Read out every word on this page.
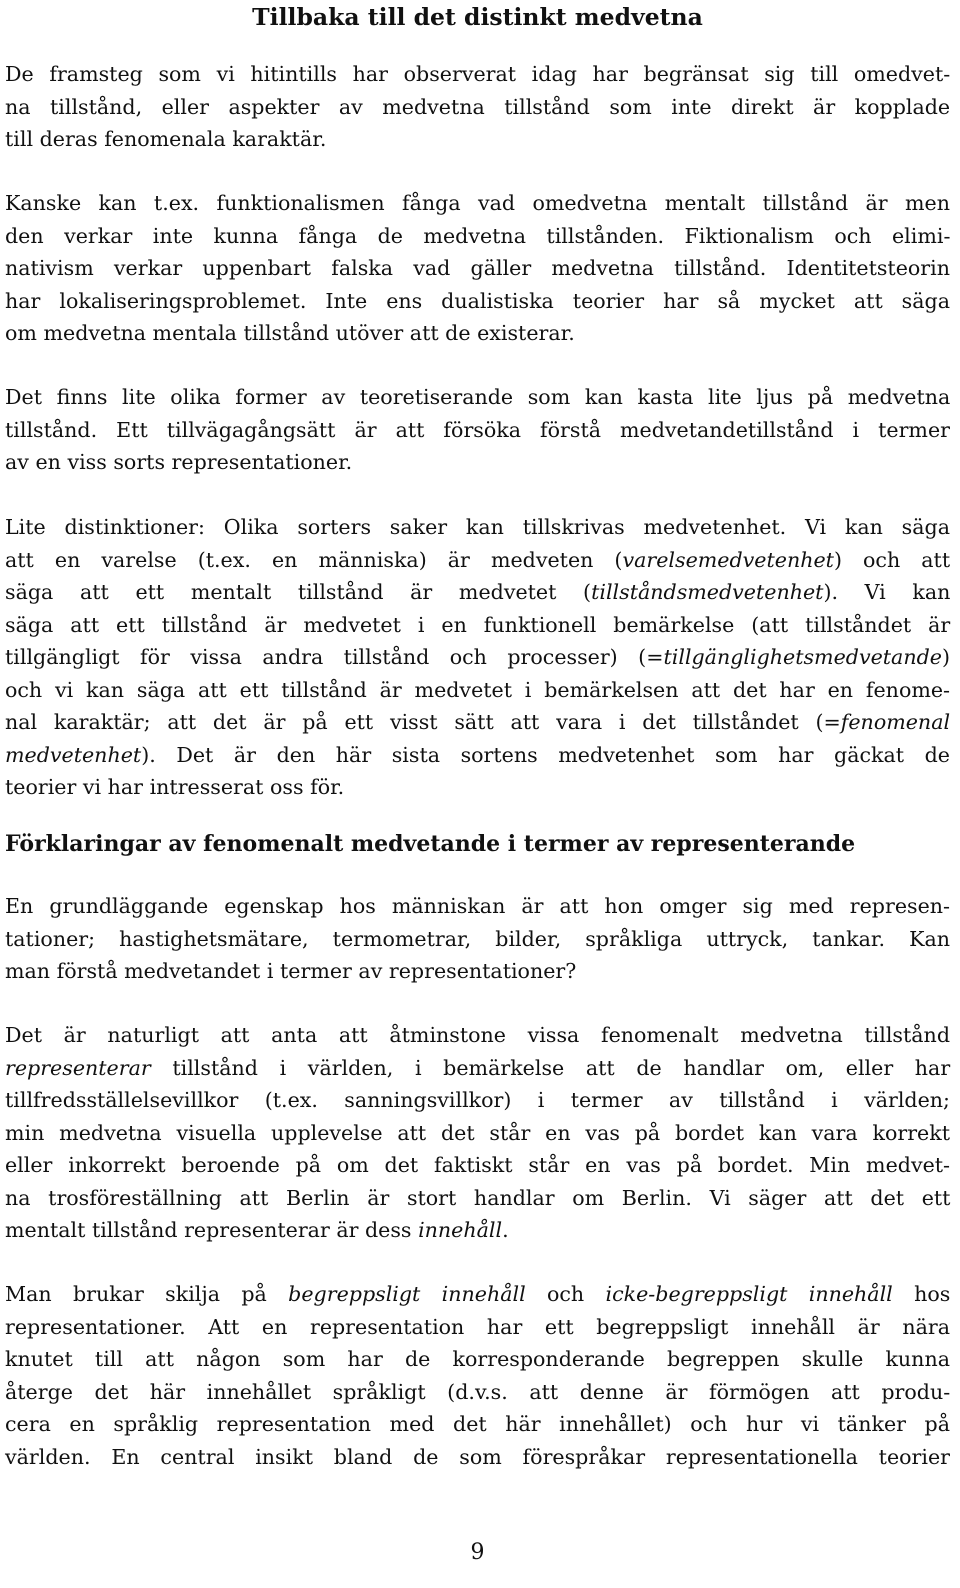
Tillbaka till det distinkt medvetna
De framsteg som vi hitintills har observerat idag har begränsat sig till omedvet-
na tillstånd, eller aspekter av medvetna tillstånd som inte direkt är kopplade
till deras fenomenala karaktär.
Kanske kan t.ex. funktionalismen fånga vad omedvetna mentalt tillstånd är men
den verkar inte kunna fånga de medvetna tillstånden. Fiktionalism och elimi-
nativism verkar uppenbart falska vad gäller medvetna tillstånd. Identitetsteorin
har lokaliseringsproblemet. Inte ens dualistiska teorier har så mycket att säga
om medvetna mentala tillstånd utöver att de existerar.
Det finns lite olika former av teoretiserande som kan kasta lite ljus på medvetna
tillstånd. Ett tillvägagångsätt är att försöka förstå medvetandetillstånd i termer
av en viss sorts representationer.
Lite distinktioner: Olika sorters saker kan tillskrivas medvetenhet. Vi kan säga
att en varelse (t.ex. en människa) är medveten (varelsemedvetenhet) och att
säga att ett mentalt tillstånd är medvetet (tillståndsmedvetenhet). Vi kan
säga att ett tillstånd är medvetet i en funktionell bemärkelse (att tillståndet är
tillgängligt för vissa andra tillstånd och processer) (=tillgänglighetsmedvetande)
och vi kan säga att ett tillstånd är medvetet i bemärkelsen att det har en fenome-
nal karaktär; att det är på ett visst sätt att vara i det tillståndet (=fenomenal
medvetenhet). Det är den här sista sortens medvetenhet som har gäckat de
teorier vi har intresserat oss för.
Förklaringar av fenomenalt medvetande i termer av representerande
En grundläggande egenskap hos människan är att hon omger sig med represen-
tationer; hastighetsmätare, termometrar, bilder, språkliga uttryck, tankar. Kan
man förstå medvetandet i termer av representationer?
Det är naturligt att anta att åtminstone vissa fenomenalt medvetna tillstånd
representerar tillstånd i världen, i bemärkelse att de handlar om, eller har
tillfredsställelsevillkor (t.ex. sanningsvillkor) i termer av tillstånd i världen;
min medvetna visuella upplevelse att det står en vas på bordet kan vara korrekt
eller inkorrekt beroende på om det faktiskt står en vas på bordet. Min medvet-
na trosföreställning att Berlin är stort handlar om Berlin. Vi säger att det ett
mentalt tillstånd representerar är dess innehåll.
Man brukar skilja på begreppsligt innehåll och icke-begreppsligt innehåll hos
representationer. Att en representation har ett begreppsligt innehåll är nära
knutet till att någon som har de korresponderande begreppen skulle kunna
återge det här innehållet språkligt (d.v.s. att denne är förmögen att produ-
cera en språklig representation med det här innehållet) och hur vi tänker på
världen. En central insikt bland de som förespråkar representationella teorier
9
